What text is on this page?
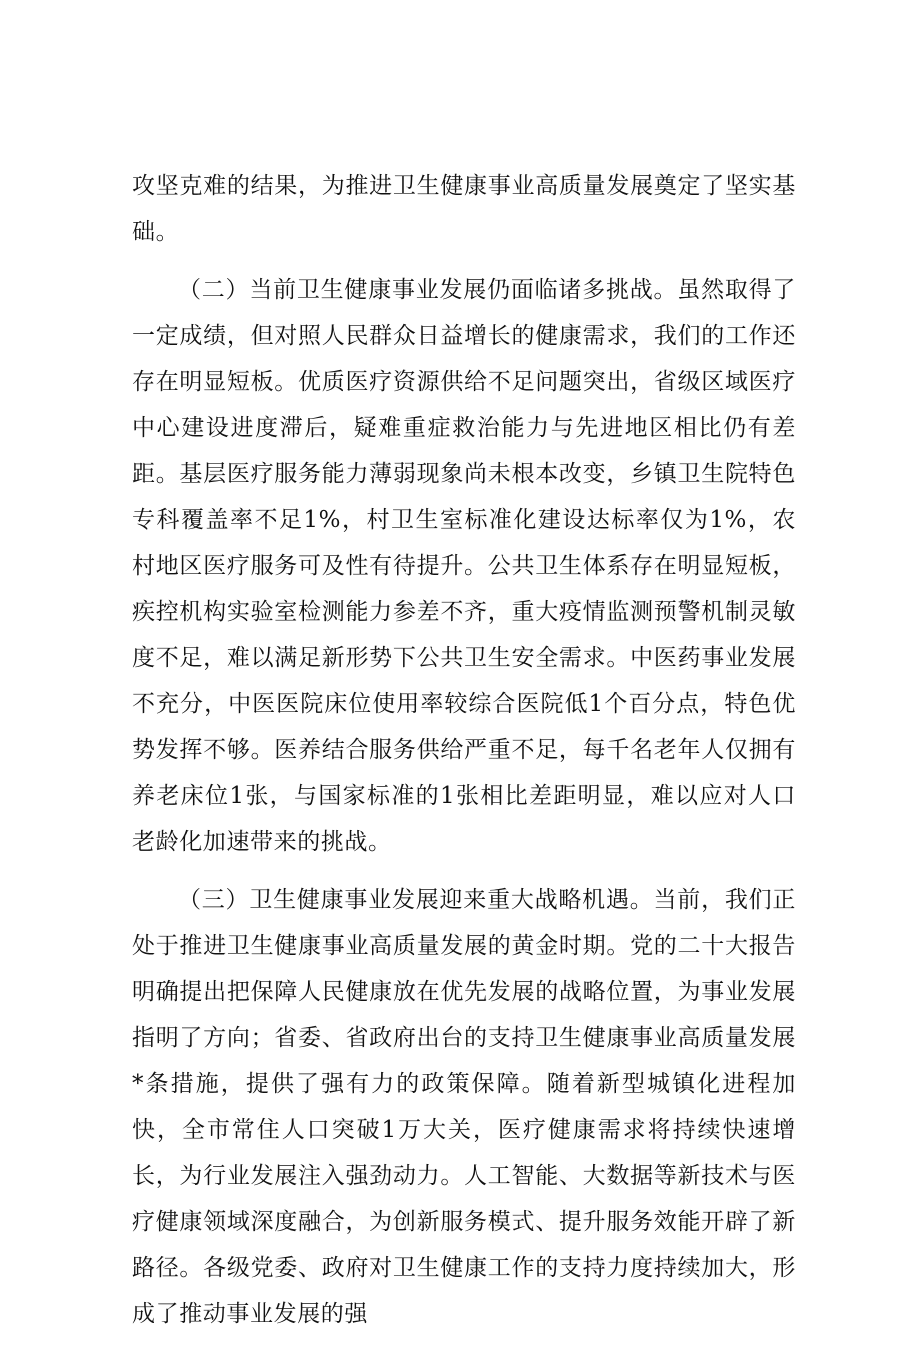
攻坚克难的结果，为推进卫生健康事业高质量发展奠定了坚实基础。

（二）当前卫生健康事业发展仍面临诸多挑战。虽然取得了一定成绩，但对照人民群众日益增长的健康需求，我们的工作还存在明显短板。优质医疗资源供给不足问题突出，省级区域医疗中心建设进度滞后，疑难重症救治能力与先进地区相比仍有差距。基层医疗服务能力薄弱现象尚未根本改变，乡镇卫生院特色专科覆盖率不足1%，村卫生室标准化建设达标率仅为1%，农村地区医疗服务可及性有待提升。公共卫生体系存在明显短板，疾控机构实验室检测能力参差不齐，重大疫情监测预警机制灵敏度不足，难以满足新形势下公共卫生安全需求。中医药事业发展不充分，中医医院床位使用率较综合医院低1个百分点，特色优势发挥不够。医养结合服务供给严重不足，每千名老年人仅拥有养老床位1张，与国家标准的1张相比差距明显，难以应对人口老龄化加速带来的挑战。

（三）卫生健康事业发展迎来重大战略机遇。当前，我们正处于推进卫生健康事业高质量发展的黄金时期。党的二十大报告明确提出把保障人民健康放在优先发展的战略位置，为事业发展指明了方向；省委、省政府出台的支持卫生健康事业高质量发展*条措施，提供了强有力的政策保障。随着新型城镇化进程加快，全市常住人口突破1万大关，医疗健康需求将持续快速增长，为行业发展注入强劲动力。人工智能、大数据等新技术与医疗健康领域深度融合，为创新服务模式、提升服务效能开辟了新路径。各级党委、政府对卫生健康工作的支持力度持续加大，形成了推动事业发展的强
